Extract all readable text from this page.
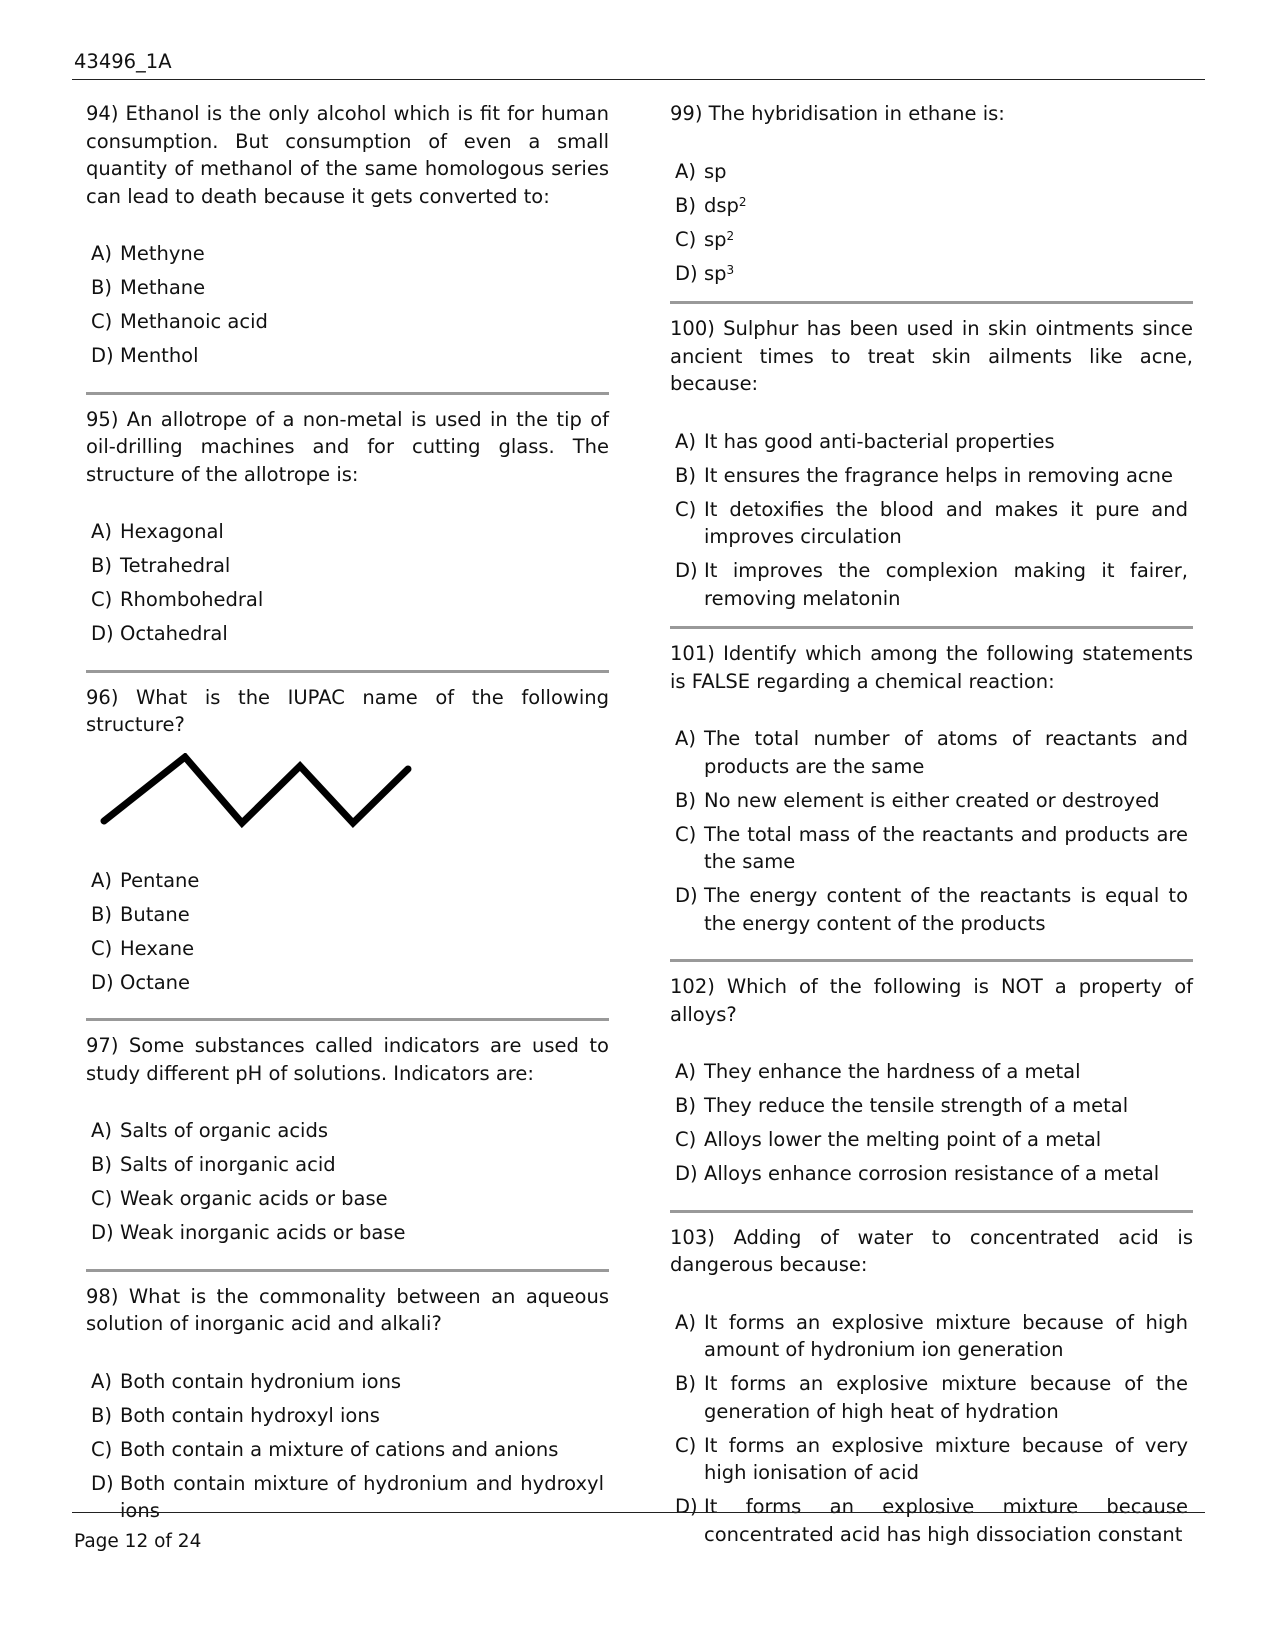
43496_1A

94) Ethanol is the only alcohol which is fit for human consumption. But consumption of even a small quantity of methanol of the same homologous series can lead to death because it gets converted to:

A) Methyne
B) Methane
C) Methanoic acid
D) Menthol

95) An allotrope of a non-metal is used in the tip of oil-drilling machines and for cutting glass. The structure of the allotrope is:

A) Hexagonal
B) Tetrahedral
C) Rhombohedral
D) Octahedral

96) What is the IUPAC name of the following structure?

A) Pentane
B) Butane
C) Hexane
D) Octane

97) Some substances called indicators are used to study different pH of solutions. Indicators are:

A) Salts of organic acids
B) Salts of inorganic acid
C) Weak organic acids or base
D) Weak inorganic acids or base

98) What is the commonality between an aqueous solution of inorganic acid and alkali?

A) Both contain hydronium ions
B) Both contain hydroxyl ions
C) Both contain a mixture of cations and anions
D) Both contain mixture of hydronium and hydroxyl ions

99) The hybridisation in ethane is:

A) sp
B) dsp$^2$
C) $sp^2$
D) $sp^3$

100) Sulphur has been used in skin ointments since ancient times to treat skin ailments like acne, because:

A) It has good anti-bacterial properties
B) It ensures the fragrance helps in removing acne
C) It detoxifies the blood and makes it pure and improves circulation
D) It improves the complexion making it fairer, removing melatonin

101) Identify which among the following statements is FALSE regarding a chemical reaction:

A) The total number of atoms of reactants and products are the same
B) No new element is either created or destroyed
C) The total mass of the reactants and products are the same
D) The energy content of the reactants is equal to the energy content of the products

102) Which of the following is NOT a property of alloys?

A) They enhance the hardness of a metal
B) They reduce the tensile strength of a metal
C) Alloys lower the melting point of a metal
D) Alloys enhance corrosion resistance of a metal

103) Adding of water to concentrated acid is dangerous because:

A) It forms an explosive mixture because of high amount of hydronium ion generation
B) It forms an explosive mixture because of the generation of high heat of hydration
C) It forms an explosive mixture because of very high ionisation of acid
D) It forms an explosive mixture because concentrated acid has high dissociation constant
Page 12 of 24
